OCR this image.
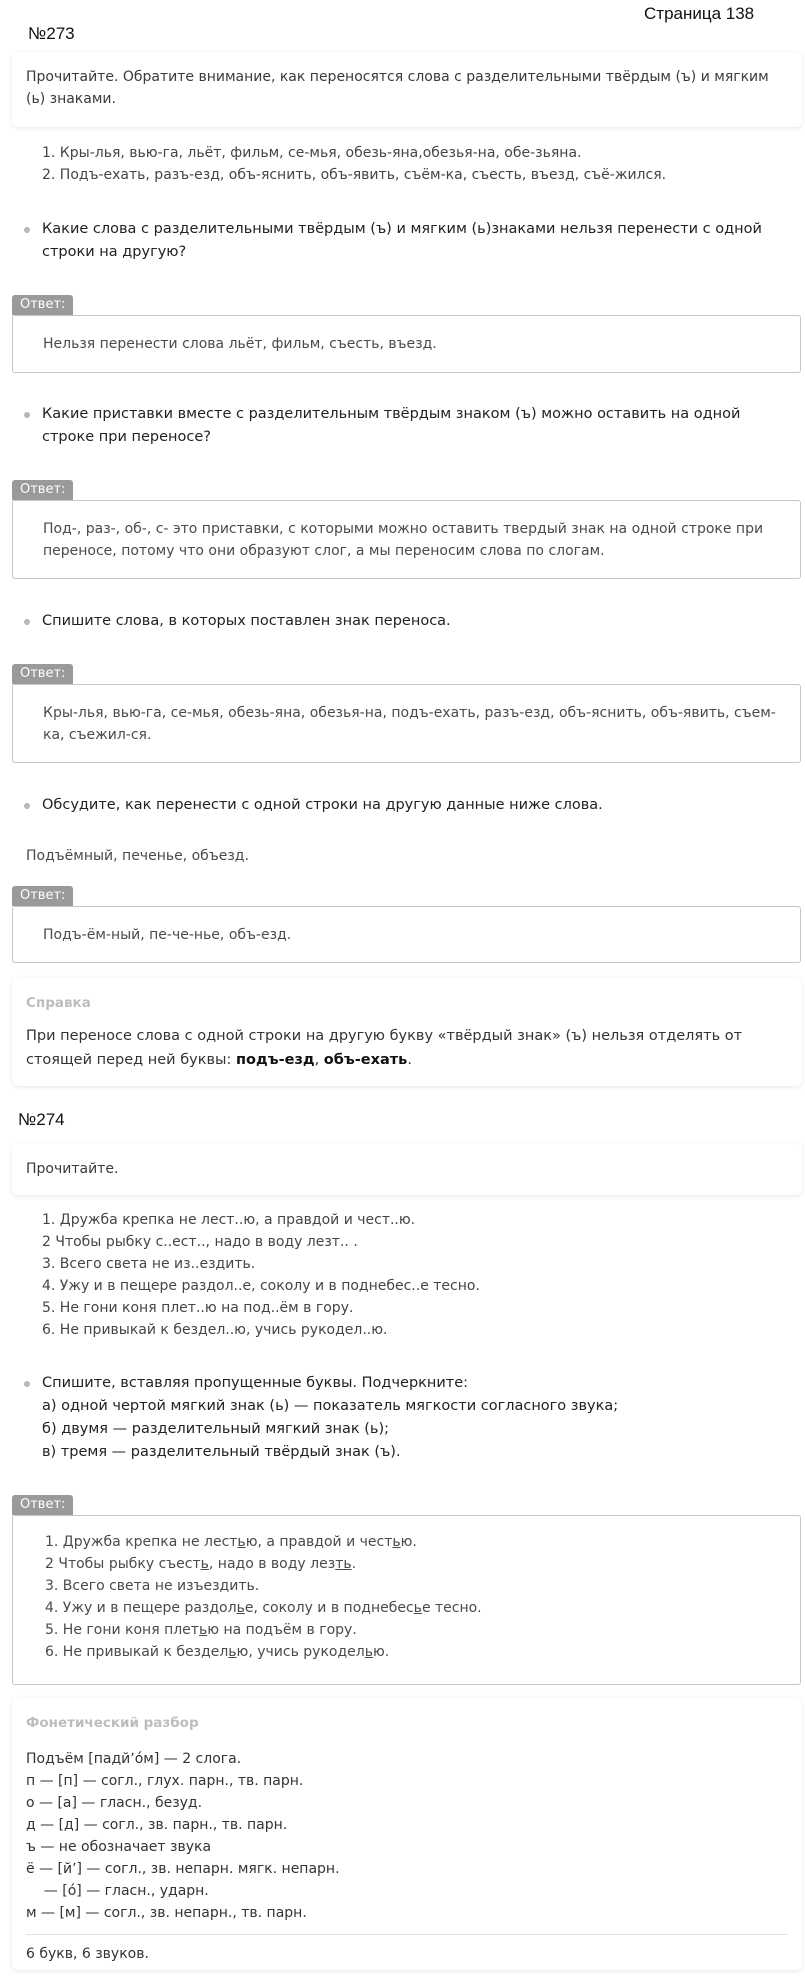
Страница 138
№273
Прочитайте. Обратите внимание, как переносятся слова с разделительными твёрдым (ъ) и мягким (ь) знаками.
1. Кры-лья, вью-га, льёт, фильм, се-мья, обезь-яна,обезья-на, обе-зьяна.
2. Подъ-ехать, разъ-езд, объ-яснить, объ-явить, съём-ка, съесть, въезд, съё-жился.
Какие слова с разделительными твёрдым (ъ) и мягким (ь)знаками нельзя перенести с одной строки на другую?
Ответ:
Нельзя перенести слова льёт, фильм, съесть, въезд.
Какие приставки вместе с разделительным твёрдым знаком (ъ) можно оставить на одной строке при переносе?
Ответ:
Под-, раз-, об-, с- это приставки, с которыми можно оставить твердый знак на одной строке при переносе, потому что они образуют слог, а мы переносим слова по слогам.
Спишите слова, в которых поставлен знак переноса.
Ответ:
Кры-лья, вью-га, се-мья, обезь-яна, обезья-на, подъ-ехать, разъ-езд, объ-яснить, объ-явить, съем-ка, съежил-ся.
Обсудите, как перенести с одной строки на другую данные ниже слова.
Подъёмный, печенье, объезд.
Ответ:
Подъ-ём-ный, пе-че-нье, объ-езд.
Справка
При переносе слова с одной строки на другую букву «твёрдый знак» (ъ) нельзя отделять от стоящей перед ней буквы: подъ-езд, объ-ехать.
№274
Прочитайте.
1. Дружба крепка не лест..ю, а правдой и чест..ю.
2 Чтобы рыбку с..ест.., надо в воду лезт.. .
3. Всего света не из..ездить.
4. Ужу и в пещере раздол..е, соколу и в поднебес..е тесно.
5. Не гони коня плет..ю на под..ём в гору.
6. Не привыкай к бездел..ю, учись рукодел..ю.
Спишите, вставляя пропущенные буквы. Подчеркните:
а) одной чертой мягкий знак (ь) — показатель мягкости согласного звука;
б) двумя — разделительный мягкий знак (ь);
в) тремя — разделительный твёрдый знак (ъ).
Ответ:
1. Дружба крепка не лестью, а правдой и честью.
2 Чтобы рыбку съесть, надо в воду лезть.
3. Всего света не изъездить.
4. Ужу и в пещере раздолье, соколу и в поднебесье тесно.
5. Не гони коня плетью на подъём в гору.
6. Не привыкай к безделью, учись рукоделью.
Фонетический разбор
Подъём [падйʼо́м] — 2 слога.
п — [п] — согл., глух. парн., тв. парн.
о — [а] — гласн., безуд.
д — [д] — согл., зв. парн., тв. парн.
ъ — не обозначает звука
ё — [йʼ] — согл., зв. непарн. мягк. непарн.
— [о́] — гласн., ударн.
м — [м] — согл., зв. непарн., тв. парн.
6 букв, 6 звуков.
